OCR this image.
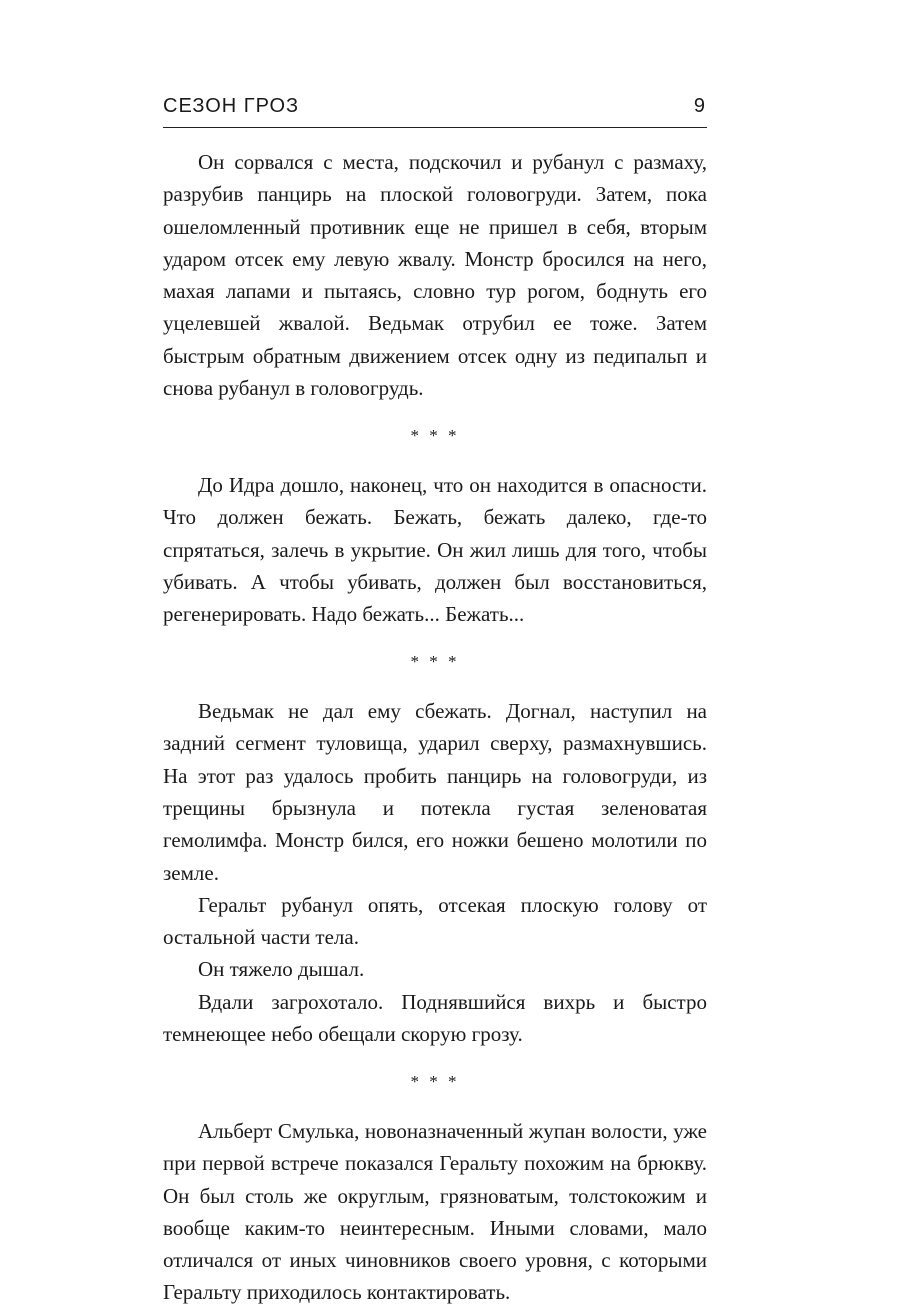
СЕЗОН ГРОЗ	9

Он сорвался с места, подскочил и рубанул с размаху, разрубив панцирь на плоской головогруди. Затем, пока ошеломленный противник еще не пришел в себя, вторым ударом отсек ему левую жвалу. Монстр бросился на него, махая лапами и пытаясь, словно тур рогом, боднуть его уцелевшей жвалой. Ведьмак отрубил ее тоже. Затем быстрым обратным движением отсек одну из педипальп и снова рубанул в головогрудь.

* * *

До Идра дошло, наконец, что он находится в опасности. Что должен бежать. Бежать, бежать далеко, где-то спрятаться, залечь в укрытие. Он жил лишь для того, чтобы убивать. А чтобы убивать, должен был восстановиться, регенерировать. Надо бежать... Бежать...

* * *

Ведьмак не дал ему сбежать. Догнал, наступил на задний сегмент туловища, ударил сверху, размахнувшись. На этот раз удалось пробить панцирь на головогруди, из трещины брызнула и потекла густая зеленоватая гемолимфа. Монстр бился, его ножки бешено молотили по земле.

Геральт рубанул опять, отсекая плоскую голову от остальной части тела.

Он тяжело дышал.

Вдали загрохотало. Поднявшийся вихрь и быстро темнеющее небо обещали скорую грозу.

* * *

Альберт Смулька, новоназначенный жупан волости, уже при первой встрече показался Геральту похожим на брюкву. Он был столь же округлым, грязноватым, толстокожим и вообще каким-то неинтересным. Иными словами, мало отличался от иных чиновников своего уровня, с которыми Геральту приходилось контактировать.
